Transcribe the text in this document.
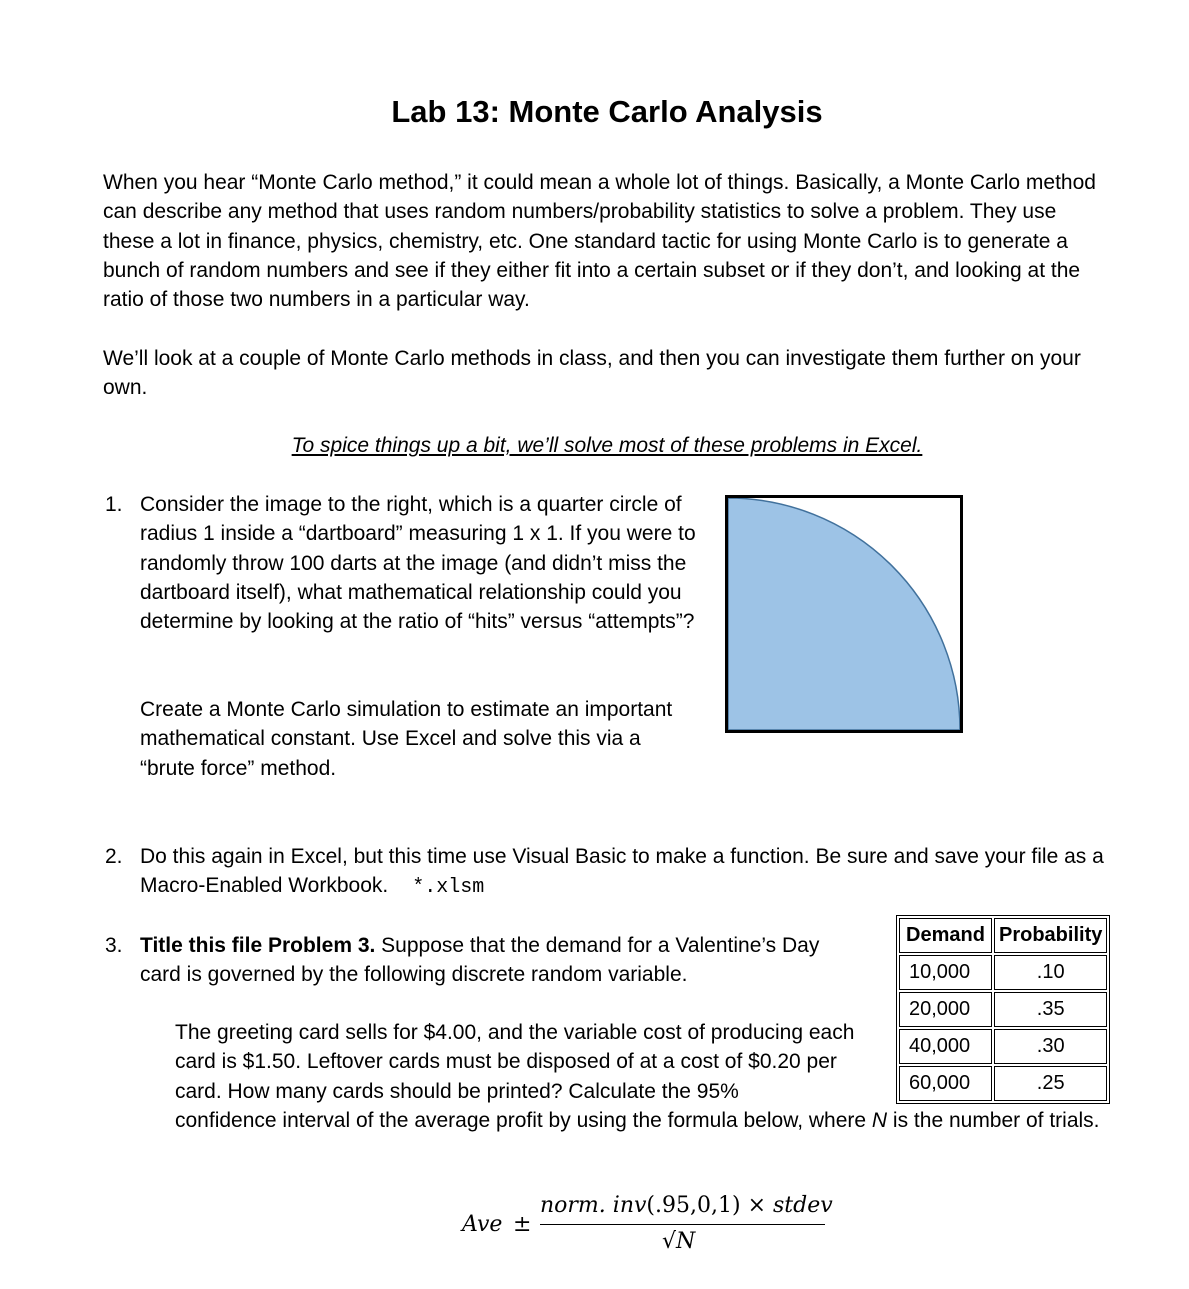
Lab 13: Monte Carlo Analysis

When you hear “Monte Carlo method,” it could mean a whole lot of things. Basically, a Monte Carlo method can describe any method that uses random numbers/probability statistics to solve a problem. They use these a lot in finance, physics, chemistry, etc. One standard tactic for using Monte Carlo is to generate a bunch of random numbers and see if they either fit into a certain subset or if they don’t, and looking at the ratio of those two numbers in a particular way.

We’ll look at a couple of Monte Carlo methods in class, and then you can investigate them further on your own.

To spice things up a bit, we’ll solve most of these problems in Excel.
1. Consider the image to the right, which is a quarter circle of radius 1 inside a “dartboard” measuring 1 x 1. If you were to randomly throw 100 darts at the image (and didn’t miss the dartboard itself), what mathematical relationship could you determine by looking at the ratio of “hits” versus “attempts”?

Create a Monte Carlo simulation to estimate an important mathematical constant. Use Excel and solve this via a “brute force” method.

2. Do this again in Excel, but this time use Visual Basic to make a function. Be sure and save your file as a Macro-Enabled Workbook. *.xlsm

3. Title this file Problem 3. Suppose that the demand for a Valentine’s Day card is governed by the following discrete random variable.

The greeting card sells for $4.00, and the variable cost of producing each card is $1.50. Leftover cards must be disposed of at a cost of $0.20 per card. How many cards should be printed? Calculate the 95%

confidence interval of the average profit by using the formula below, where N is the number of trials.

Demand	Probability
10,000	.10
20,000	.35
40,000	.30
60,000	.25
Ave ±
norm. inv(.95,0,1) × stdev
√N
